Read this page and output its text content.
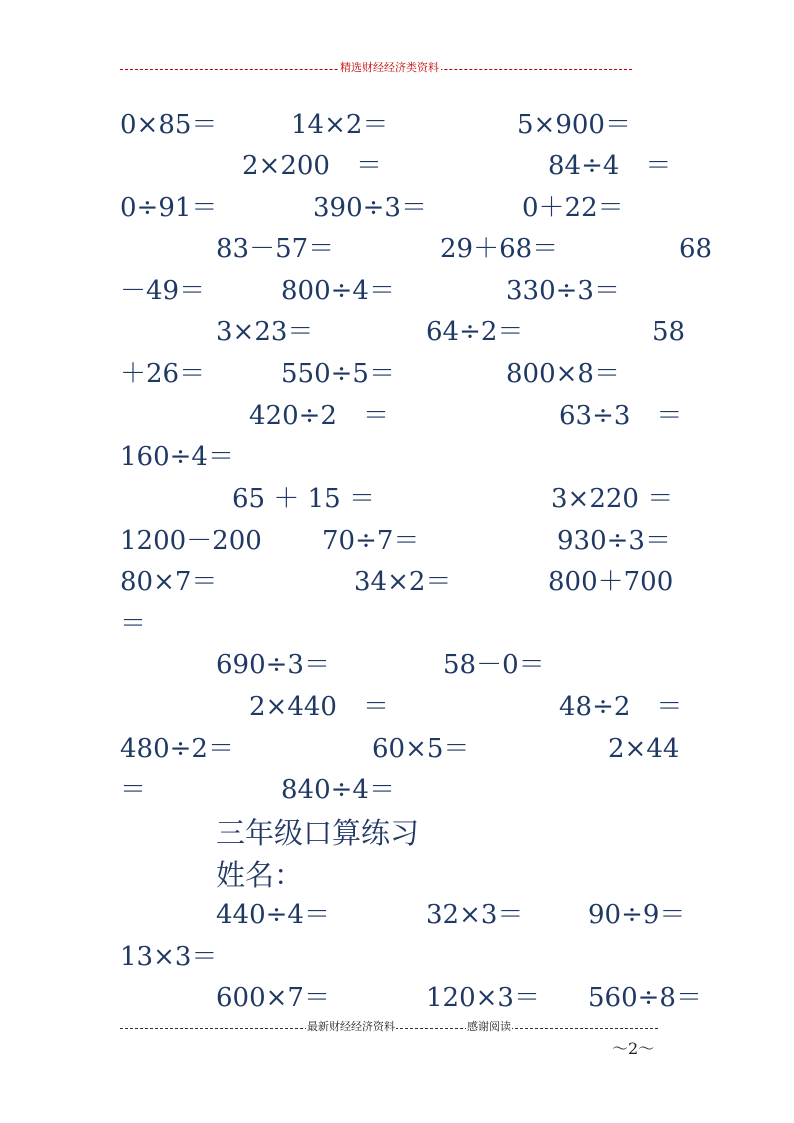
精选财经经济类资料
0×85＝	14×2＝	5×900＝
2×200　＝	84÷4　＝
0÷91＝	390÷3＝	0＋22＝
83－57＝	29＋68＝	68
－49＝	800÷4＝	330÷3＝
3×23＝	64÷2＝	58
＋26＝	550÷5＝	800×8＝
420÷2　＝	63÷3　＝
160÷4＝
65 ＋ 15 ＝	3×220 ＝
1200－200 70÷7＝	930÷3＝
80×7＝	34×2＝	800＋700
＝
690÷3＝	58－0＝
2×440　＝	48÷2　＝
480÷2＝	60×5＝	2×44
＝	840÷4＝
三年级口算练习
姓名：
440÷4＝	32×3＝ 90÷9＝
13×3＝
600×7＝	120×3＝ 560÷8＝
最新财经经济资料	感谢阅读
～2～
